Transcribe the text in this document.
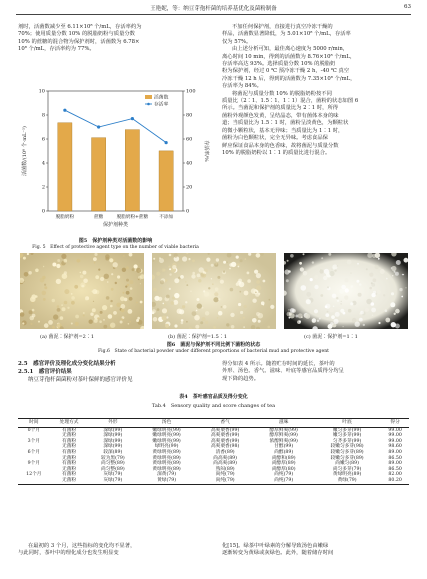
王艳妮，等：纳豆芽孢杆菌的培养基优化及菌粉制备	63

剂时，活菌数减少至 6.11×10⁸ 个/mL，存活率约为

70%；使用质量分数 10% 的脱脂奶粉与质量分数

10% 的蔗糖的混合物为保护剂时，活菌数为 6.78×

10⁸ 个/mL，存活率约为 77%。

0
2
4
6
8
10
0
20
40
60
80
100
脱脂奶粉	蔗糖	脱脂奶粉+蔗糖 不添加
保护剂种类
活菌数/(10⁸ 个·mL⁻¹)	存活率/%
活菌数
存活率
图5　保护剂种类对活菌数的影响
Fig. 5　Effect of protective agent type on the number of viable bacteria

不加任何保护剂，直接进行真空冷冻干燥的

样品，活菌数显著降低，为 5.01×10⁸ 个/mL，存活率

仅为 57%。

由上述分析可知，最佳离心速度为 5000 r/min，

离心时间 10 min，得到的活菌数为 8.76×10⁸ 个/mL，

存活率高达 93%。选择质量分数 10% 的脱脂奶

粉为保护剂，经过 0 ℃ 预冷冻干燥 2 h，-40 ℃ 真空

冷冻干燥 12 h 后，得到的活菌数为 7.35×10⁸ 个/mL，

存活率为 84%。

将菌泥与质量分数 10% 的脱脂奶粉按不同

质量比（2∶1、1.5∶1、1∶1）混合，菌粉的状态如图 6

所示。当菌泥和保护剂的质量比为 2∶1 时，所得

菌粉外观颜色发黄，呈结晶态，带有菌体本身的味

道；当质量比为 1.5∶1 时，菌粉呈淡黄色，为颗粒状

的微小颗粒状，基本无异味；当质量比为 1∶1 时，

菌粉为白色颗粒状，完全无异味。考虑食品保

鲜应保证食品本身的色香味，故将菌泥与质量分数

10% 的脱脂奶粉以 1∶1 的质量比进行混合。

(a) 菌泥∶保护剂=2∶1	(b) 菌泥∶保护剂=1.5∶1	(c) 菌泥∶保护剂=1∶1
图6　菌泥与保护剂不同比例下菌粉的状态
Fig.6　State of bacterial powder under different proportions of bacterial mud and protective agent
2.5　感官评价及理化成分变化结果分析
2.5.1　感官评价结果
纳豆芽孢杆菌菌粉对茶叶保鲜的感官评价见

得分如表 4 所示。随着贮存时间的延长，茶叶的

外形、汤色、香气、滋味、叶底等感官品质得分均呈

现下降的趋势。

表4　茶叶感官品质及得分变化
Tab.4　Sensory quality and score changes of tea
时间	处理方式	外形	汤色	香气	滋味	叶底	得分
0个月	有菌粉	深绿(99)	嫩绿明亮(99)	高爽栗香(99)	醇厚鲜爽(99)	嫩匀多芽(99)	99.00
	无菌粉	深绿(99)	嫩绿明亮(99)	高爽栗香(99)	醇厚鲜爽(99)	嫩匀多芽(99)	99.00
3个月	有菌粉	深绿(99)	嫩绿明亮(99)	高爽栗香(99)	浓醇鲜爽(99)	匀齐多芽(99)	99.00
	无菌粉	深绿(99)	绿明亮(99)	高爽栗香(98)	甘醇(99)	较嫩匀多芽(98)	98.60
6个月	有菌粉	较深(89)	黄绿明亮(89)	清香(89)	尚醇(89)	较嫩匀多芽(89)	89.00
	无菌粉	较为黑(79)	黄绿明亮(89)	尚高爽(89)	尚醇和(89)	较嫩匀多芽(89)	86.50
9个月	有菌粉	尚匀整(89)	黄绿明亮(89)	尚高爽(89)	尚醇厚(89)	尚嫩匀(89)	89.00
	无菌粉	尚匀整(89)	黄绿明亮(89)	熟闷(89)	尚醇厚(80)	尚匀多芽(79)	86.50
12个月	有菌粉	灰绿(79)	深黄(79)	尚纯(79)	尚纯(79)	黄绿明亮(89)	82.00
	无菌粉	灰绿(79)	黄绿(79)	尚纯(79)	尚纯(79)	黄绿(79)	80.20

在最初的 3 个月，这些指标的变化均不显著，

与此同时，茶叶中的理化成分也发生明显变

化[15]。绿茶中叶绿素的分解导致汤色由嫩绿

逐渐转变为黄绿或灰绿色。此外，随着储存时间
